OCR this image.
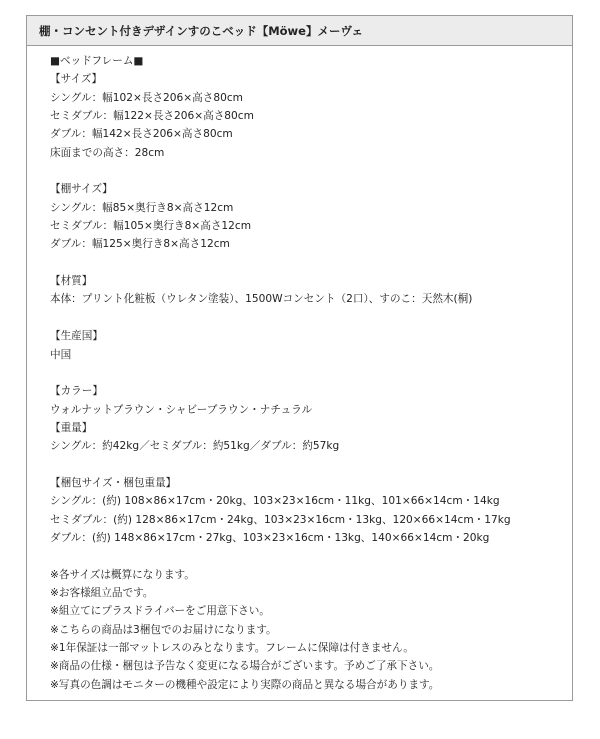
棚・コンセント付きデザインすのこベッド【Möwe】メーヴェ
■ベッドフレーム■
【サイズ】
シングル：幅102×長さ206×高さ80cm
セミダブル：幅122×長さ206×高さ80cm
ダブル：幅142×長さ206×高さ80cm
床面までの高さ：28cm
【棚サイズ】
シングル：幅85×奥行き8×高さ12cm
セミダブル：幅105×奥行き8×高さ12cm
ダブル：幅125×奥行き8×高さ12cm
【材質】
本体：プリント化粧板（ウレタン塗装）、1500Wコンセント（2口）、すのこ：天然木(桐)
【生産国】
中国
【カラー】
ウォルナットブラウン・シャビーブラウン・ナチュラル
【重量】
シングル：約42kg／セミダブル：約51kg／ダブル：約57kg
【梱包サイズ・梱包重量】
シングル：(約) 108×86×17cm・20kg、103×23×16cm・11kg、101×66×14cm・14kg
セミダブル：(約) 128×86×17cm・24kg、103×23×16cm・13kg、120×66×14cm・17kg
ダブル：(約) 148×86×17cm・27kg、103×23×16cm・13kg、140×66×14cm・20kg
※各サイズは概算になります。
※お客様組立品です。
※組立てにプラスドライバーをご用意下さい。
※こちらの商品は3梱包でのお届けになります。
※1年保証は一部マットレスのみとなります。フレームに保障は付きません。
※商品の仕様・梱包は予告なく変更になる場合がございます。予めご了承下さい。
※写真の色調はモニターの機種や設定により実際の商品と異なる場合があります。
